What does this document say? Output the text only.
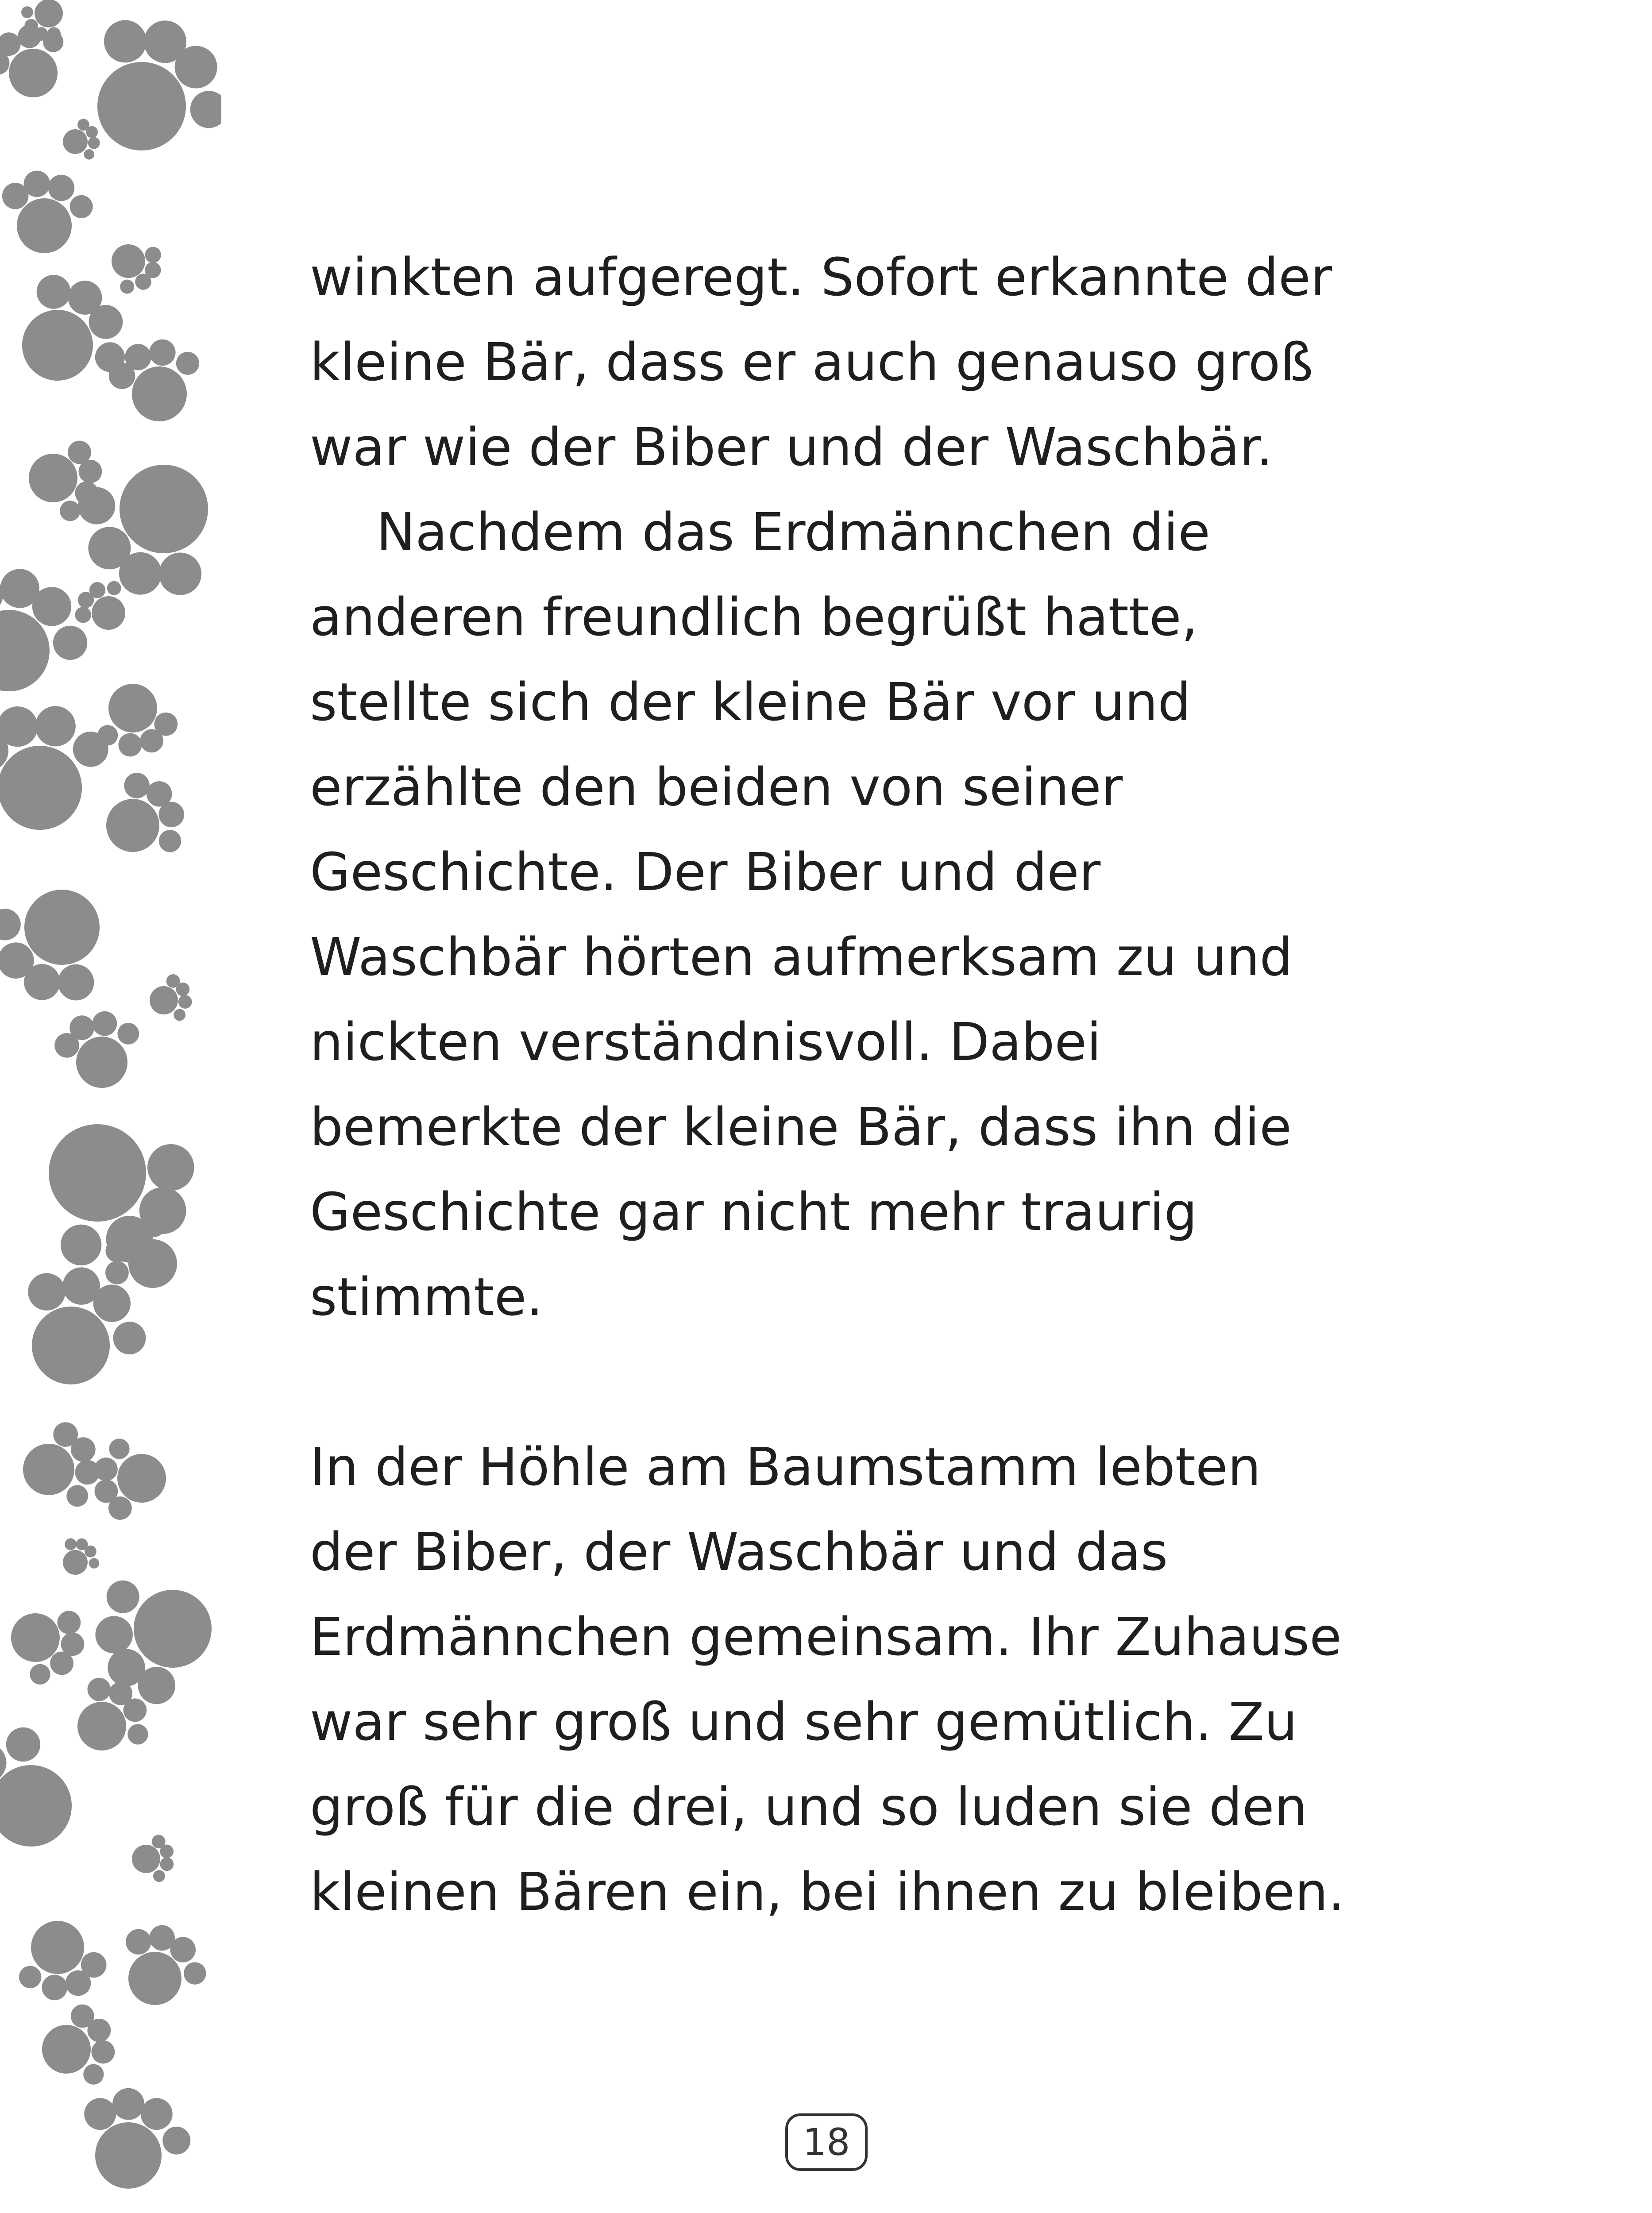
winkten aufgeregt. Sofort erkannte der
kleine Bär, dass er auch genauso groß
war wie der Biber und der Waschbär.
Nachdem das Erdmännchen die
anderen freundlich begrüßt hatte,
stellte sich der kleine Bär vor und
erzählte den beiden von seiner
Geschichte. Der Biber und der
Waschbär hörten aufmerksam zu und
nickten verständnisvoll. Dabei
bemerkte der kleine Bär, dass ihn die
Geschichte gar nicht mehr traurig
stimmte.
In der Höhle am Baumstamm lebten
der Biber, der Waschbär und das
Erdmännchen gemeinsam. Ihr Zuhause
war sehr groß und sehr gemütlich. Zu
groß für die drei, und so luden sie den
kleinen Bären ein, bei ihnen zu bleiben.
18
